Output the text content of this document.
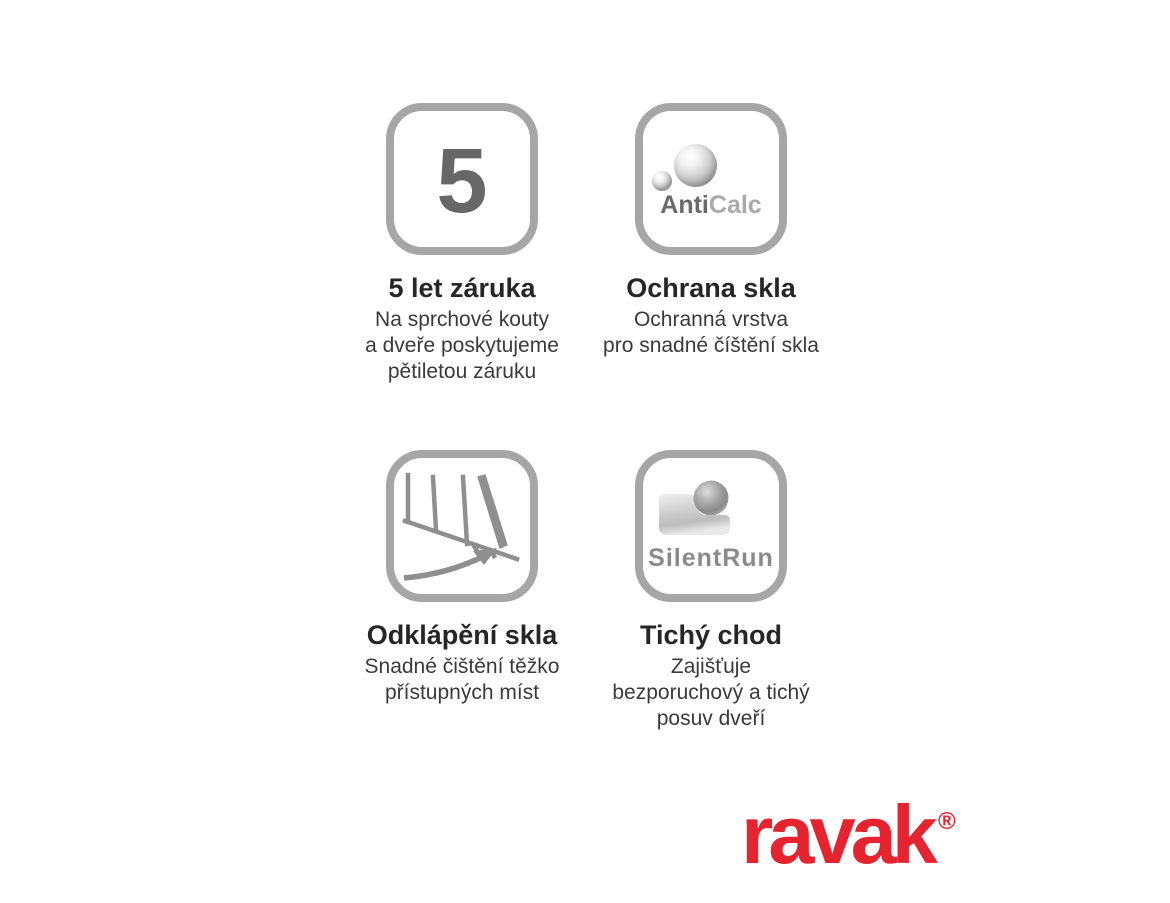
5
5 let záruka
Na sprchové kouty
a dveře poskytujeme
pětiletou záruku
AntiCalc
Ochrana skla
Ochranná vrstva
pro snadné číštění skla
Odklápění skla
Snadné čištění těžko
přístupných míst
SilentRun
Tichý chod
Zajišťuje
bezporuchový a tichý
posuv dveří
rava k ®
